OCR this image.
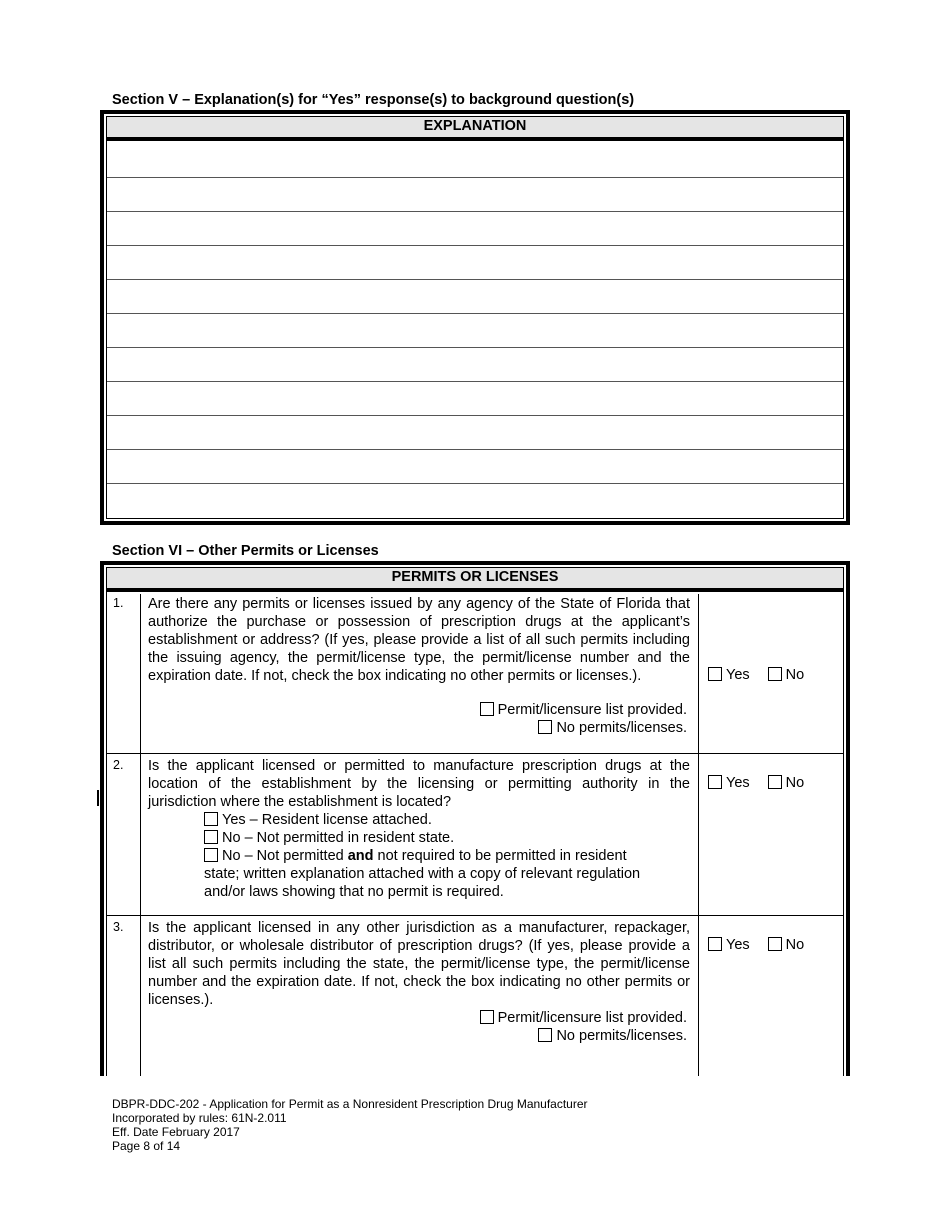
Section V – Explanation(s) for “Yes” response(s) to background question(s)
EXPLANATION
Section VI – Other Permits or Licenses
PERMITS OR LICENSES
1. Are there any permits or licenses issued by any agency of the State of Florida that authorize the purchase or possession of prescription drugs at the applicant’s establishment or address? (If yes, please provide a list of all such permits including the issuing agency, the permit/license type, the permit/license number and the expiration date. If not, check the box indicating no other permits or licenses.).
Permit/licensure list provided.
No permits/licenses.
Yes No
2. Is the applicant licensed or permitted to manufacture prescription drugs at the location of the establishment by the licensing or permitting authority in the jurisdiction where the establishment is located?
Yes – Resident license attached.
No – Not permitted in resident state.
No – Not permitted and not required to be permitted in resident
state; written explanation attached with a copy of relevant regulation
and/or laws showing that no permit is required.
Yes No
3. Is the applicant licensed in any other jurisdiction as a manufacturer, repackager, distributor, or wholesale distributor of prescription drugs? (If yes, please provide a list all such permits including the state, the permit/license type, the permit/license number and the expiration date. If not, check the box indicating no other permits or licenses.).
Permit/licensure list provided.
No permits/licenses.
Yes No
DBPR-DDC-202 - Application for Permit as a Nonresident Prescription Drug Manufacturer
Incorporated by rules: 61N-2.011
Eff. Date February 2017
Page 8 of 14
